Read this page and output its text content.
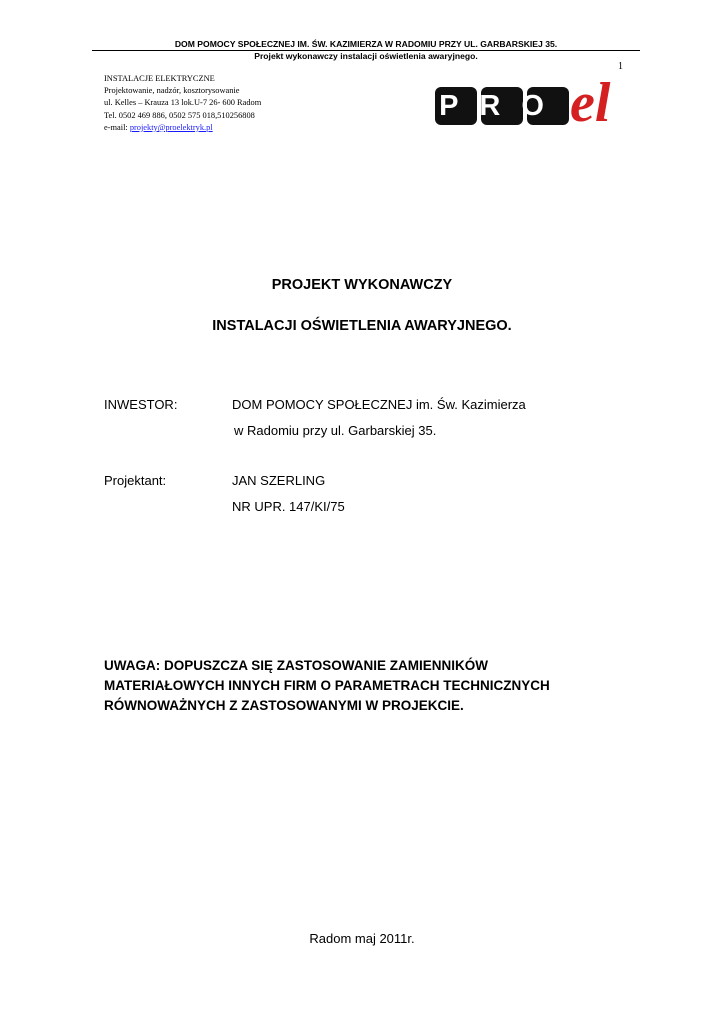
DOM POMOCY SPOŁECZNEJ IM. ŚW. KAZIMIERZA W RADOMIU PRZY UL. GARBARSKIEJ 35.
Projekt wykonawczy instalacji oświetlenia awaryjnego.
1
INSTALACJE ELEKTRYCZNE
Projektowanie, nadzór, kosztorysowanie
ul. Kelles – Krauza 13 lok.U-7 26- 600 Radom
Tel. 0502 469 886, 0502 575 018,510256808
e-mail: projekty@proelektryk.pl
PRO el
PROJEKT WYKONAWCZY
INSTALACJI OŚWIETLENIA AWARYJNEGO.
INWESTOR:	DOM POMOCY SPOŁECZNEJ im. Św. Kazimierza
w Radomiu przy ul. Garbarskiej 35.
Projektant:	JAN SZERLING
NR UPR. 147/KI/75
UWAGA: DOPUSZCZA SIĘ ZASTOSOWANIE ZAMIENNIKÓW
MATERIAŁOWYCH INNYCH FIRM O PARAMETRACH TECHNICZNYCH
RÓWNOWAŻNYCH Z ZASTOSOWANYMI W PROJEKCIE.
Radom maj 2011r.
